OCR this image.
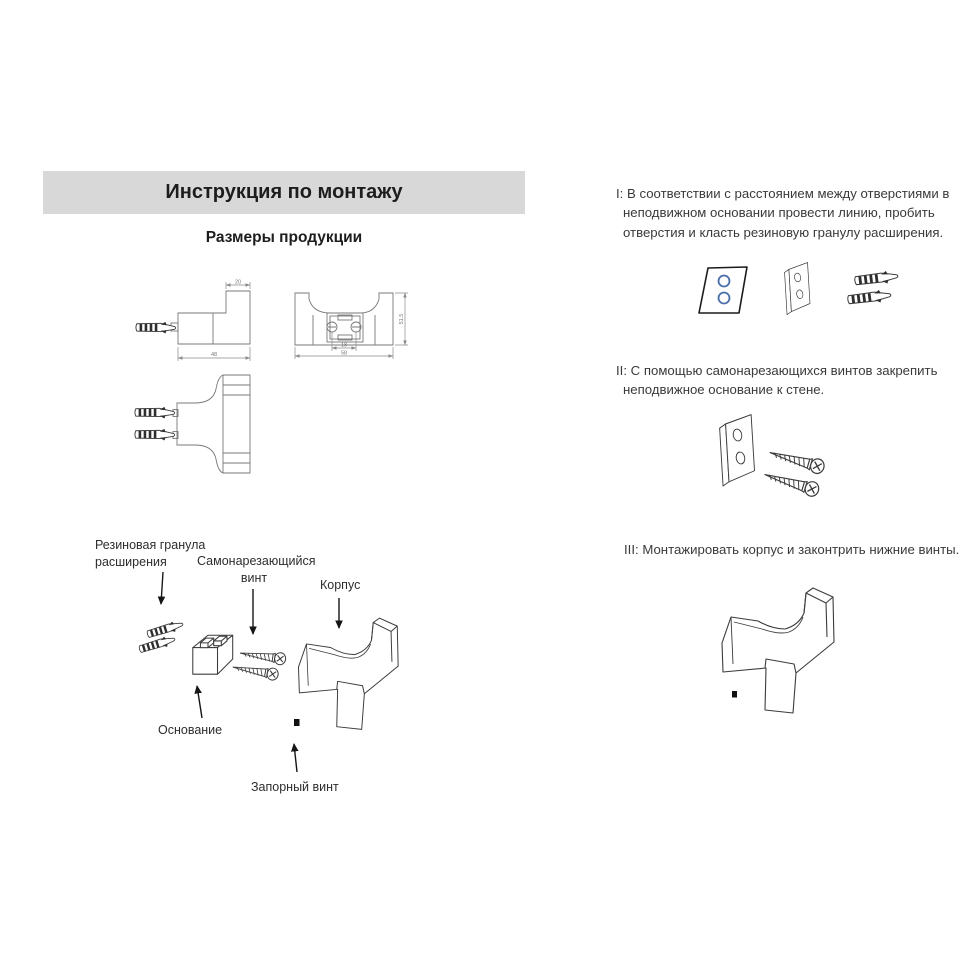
20
48
18
58
51.5
Инструкция по монтажу
Размеры продукции
Резиновая гранула
расширения	Самонарезающийся
винт
Корпус
Основание
Запорный винт
I: В соответствии с расстоянием между отверстиями в
неподвижном основании провести линию, пробить
отверстия и класть резиновую гранулу расширения.
II: С помощью самонарезающихся винтов закрепить
неподвижное основание к стене.
III: Монтажировать корпус и законтрить нижние винты.
